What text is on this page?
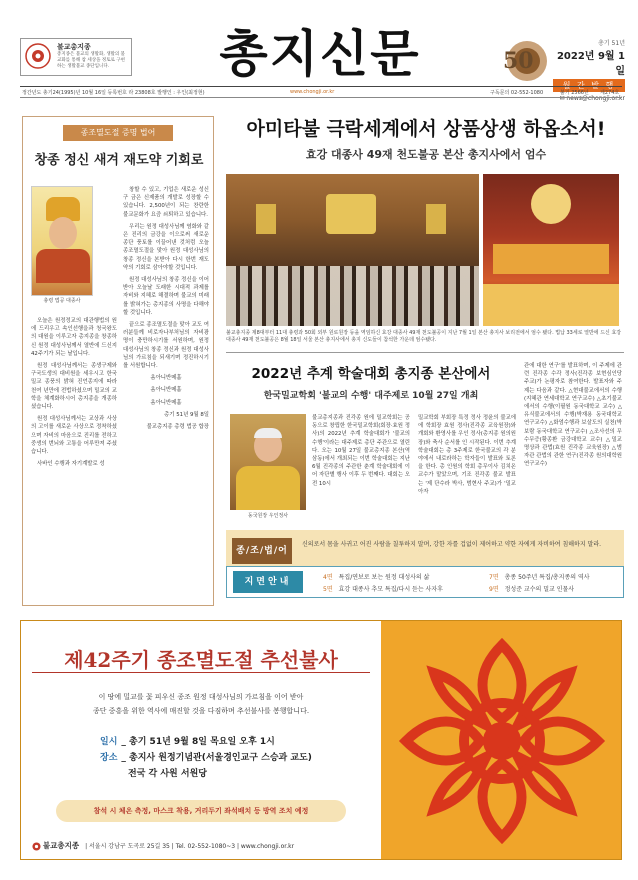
불교총지종
총지종은 불교의 생활화, 생활의 불교화를 통해 참 세상을 정토로 구현하는 생활불교 종단입니다.	총지신문	50
총기 51년
2022년 9월 1일
월 간 발 행
✉ news@chongji.or.kr
정간년도 총기24(1995)년 10월 16일 등록번호 라 23808호 발행인 : 우인(최정현)	www.chongji.or.kr	구독문의 02-552-1080	불기 2566년 제274호
종조멸도절 증명 법어
창종 정신 새겨 재도약 기회로
총령 법공 대종사

오늘은 원정정교의 대관행법의 원에 드리우고 속인선행을과 청국왕도의 대원을 이루고자 총지종을 창종하신 원정 대성사님께서 열반에 드신지 42주기가 되는 날입니다.

원정 대성사님께서는 종생구제와 구국도생의 대비원을 세우시고 한국 밀교 종풍의 밝혀 진언종지에 따라 천여 년만에 전법하셨으며 밀교의 교학을 체계화하시어 총지종을 개종하셨습니다.

원정 대성사님께서는 교상과 사상의 고이를 새로운 사상으로 정착하셨으며 자비의 마음으로 진리를 전하고 중생의 번뇌와 고통을 어루만져 주셨습니다.

사바인 수행과 자기계발로 성

창할 수 있고, 기업은 새로운 성신구 금은 신제품의 개발로 성장할 수 있습니다. 2,500년이 되는 찬란한 불교문화가 요즘 쇠퇴하고 있습니다.

우리는 원정 대성사님께 염화와 같은 진리의 금강을 이으로써 새로운 종단 풍토를 이끌어낸 것처럼 오늘 종조멸도절을 맞아 원정 대성사님의 창종 정신을 본받아 다시 한번 재도약의 기회로 삼아야할 것입니다.

원정 대성사님의 창종 정신을 이어받아 오늘날 도래한 시대적 과제를 자비와 지혜로 해결하며 불교의 미래를 밝혀가는 총지종의 사명을 다해야 할 것입니다.

끝으로 종조멸도절을 맞아 교도 여러분들께 비로자나부처님의 자비광명이 충만하시기를 서원하며, 원정 대성사님의 창종 정신과 원정 대성사님의 가르침을 되새기며 정진하시기를 서원합니다.

옴아니반메훔

옴아니반메훔

옴아니반메훔

총기 51년 9월 8일

불교총지종 총령 법공 합장

아미타불 극락세계에서 상품상생 하옵소서!
효강 대종사 49재 천도불공 본산 총지사에서 엄수
불교총지종 제8대부터 11대 총령과 50회 외부 원로원장 등을 역임하신 효강 대종사 49재 천도불공이 지난 7월 1일 본산 총지사 보리전에서 엄수 됐다. 법납 33세로 열반에 드신 효강 대종사 49재 천도불공은 8월 18일 서울 본산 총지사에서 총지 신도들이 참석한 가운데 엄수됐다.
2022년 추계 학술대회 총지종 본산에서
한국밀교학회 '불교의 수행' 대주제로 10월 27일 개최
동국원장 우인정사
불교총지종과 진각종 원에 밀교학회는 공동으로 창립한 한국밀교학회(회장·효원 정사)의 2022년 추계 학술대회가 '불교의 수행'이라는 대주제로 총단 주관으로 열린다. 오는 10월 27일 불교총지종 본산(역삼동)에서 개최되는 이번 학술대회는 지난 6월 진각종의 주관한 춘계 학술대회에 이어 자단별 행사 이후 두 번째다. 대회는 오전 10시
밀교학회 부회장 특정 정사 정윤의 불교에 에 학회장 효원 정사(진각종 교육원장)와 개회와 환영사를 우인 정사(총지종 원의원장)와 축사 순서를 인 시작된다. 이번 추계 학술대회는 총 3주제로 한국불교의 각 분야에서 내로라하는 학자들이 발표와 토론을 한다. 총 인원의 학회 총무이사 김치온 교수가 맡았으며, 기조 진각종 불교 발표는 '제 단수라 박사, 범현사 주교)가 '밀교 아자
관에 대한 연구'를 발표하며, 이 주제에 관련 진각종 수각 정사(진각종 보현심인당 주교)가 논평자로 참여한다. 발표자와 주제는 다음과 같다. △현대불교에서의 수행(지혜관 연세대학교 연구교수) △초기불교에서의 수행(이필원 동국대학교 교수) △유식불교에서의 수행(박재용 동국대학교 연구교수) △화엄수행과 보살도의 실천(박보람 동국대학교 연구교수) △조사선의 무수무증(황종환 금강대학교 교수) △밀교 명상과 관법(효원 진각종 교육원장) △범자관 관법의 관한 연구(진각종 원의대학원 연구교수)
종/조/법/어
신의로서 몸을 사귀고 어진 사람을 칠투하지 말며, 강한 자를 겁없이 제어하고 약한 자에게 자비하여 침해하지 말라.
지면안내	4면 특집/연보로 보는 원정 대성사의 삶	7면 총종 50주년 특집/총지종의 역사
5면 효강 대종사 추모 특집/다시 듣는 사자후	9면 정성준 교수의 밀교 인물사
제42주기 종조멸도절 추선불사
이 땅에 밀교를 꽃 피우신 종조 원정 대성사님의 가르침을 이어 받아
종단 중흥을 위한 역사에 매진할 것을 다짐하며 추선불사를 봉행합니다.
일시 _ 총기 51년 9월 8일 목요일 오후 1시
장소 _ 총지사 원정기념관(서울경인교구 스승과 교도)
전국 각 사원 서원당
참석 시 체온 측정, 마스크 착용, 거리두기 좌석배치 등 방역 조치 예정
불교총지종 | 서울시 강남구 도곡로 25길 35 | Tel. 02-552-1080~3 | www.chongji.or.kr
